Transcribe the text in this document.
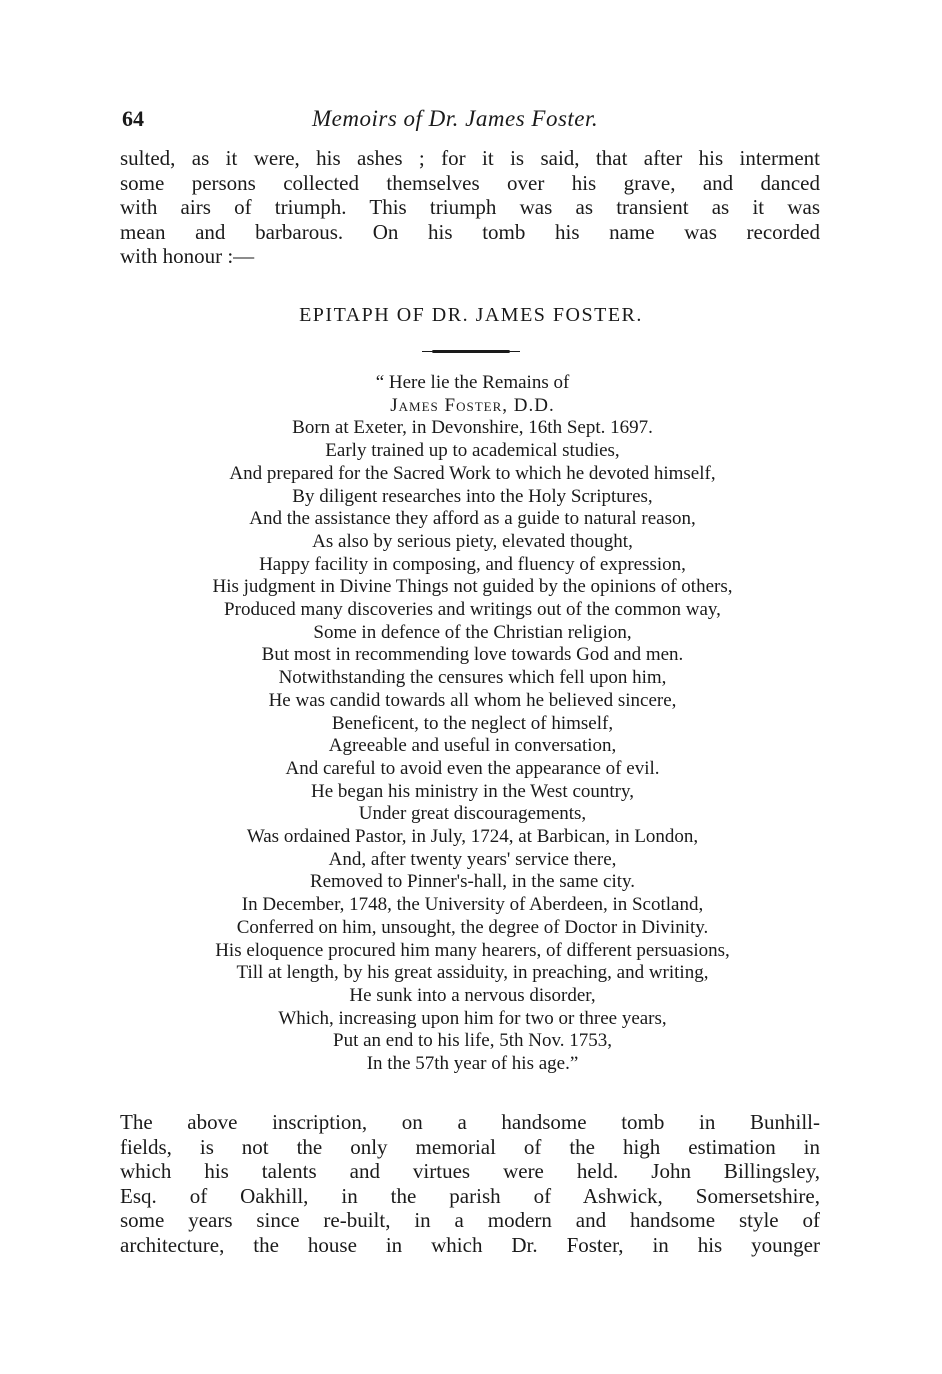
64	Memoirs of Dr. James Foster.
sulted, as it were, his ashes ; for it is said, that after his interment
some persons collected themselves over his grave, and danced
with airs of triumph. This triumph was as transient as it was
mean and barbarous. On his tomb his name was recorded
with honour :—
EPITAPH OF DR. JAMES FOSTER.
“ Here lie the Remains of
James Foster, D.D.
Born at Exeter, in Devonshire, 16th Sept. 1697.
Early trained up to academical studies,
And prepared for the Sacred Work to which he devoted himself,
By diligent researches into the Holy Scriptures,
And the assistance they afford as a guide to natural reason,
As also by serious piety, elevated thought,
Happy facility in composing, and fluency of expression,
His judgment in Divine Things not guided by the opinions of others,
Produced many discoveries and writings out of the common way,
Some in defence of the Christian religion,
But most in recommending love towards God and men.
Notwithstanding the censures which fell upon him,
He was candid towards all whom he believed sincere,
Beneficent, to the neglect of himself,
Agreeable and useful in conversation,
And careful to avoid even the appearance of evil.
He began his ministry in the West country,
Under great discouragements,
Was ordained Pastor, in July, 1724, at Barbican, in London,
And, after twenty years' service there,
Removed to Pinner's-hall, in the same city.
In December, 1748, the University of Aberdeen, in Scotland,
Conferred on him, unsought, the degree of Doctor in Divinity.
His eloquence procured him many hearers, of different persuasions,
Till at length, by his great assiduity, in preaching, and writing,
He sunk into a nervous disorder,
Which, increasing upon him for two or three years,
Put an end to his life, 5th Nov. 1753,
In the 57th year of his age.”
The above inscription, on a handsome tomb in Bunhill-
fields, is not the only memorial of the high estimation in
which his talents and virtues were held. John Billingsley,
Esq. of Oakhill, in the parish of Ashwick, Somersetshire,
some years since re-built, in a modern and handsome style of
architecture, the house in which Dr. Foster, in his younger
